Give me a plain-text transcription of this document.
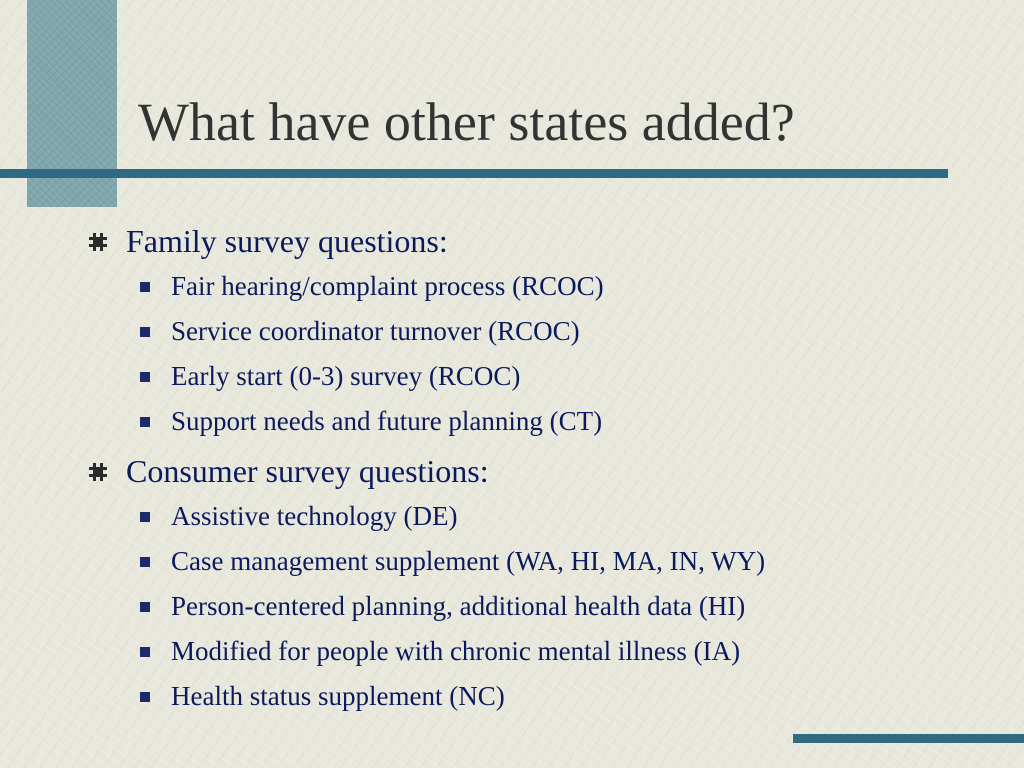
What have other states added?
Family survey questions:
Fair hearing/complaint process (RCOC)
Service coordinator turnover (RCOC)
Early start (0-3) survey (RCOC)
Support needs and future planning (CT)
Consumer survey questions:
Assistive technology (DE)
Case management supplement (WA, HI, MA, IN, WY)
Person-centered planning, additional health data (HI)
Modified for people with chronic mental illness (IA)
Health status supplement (NC)
